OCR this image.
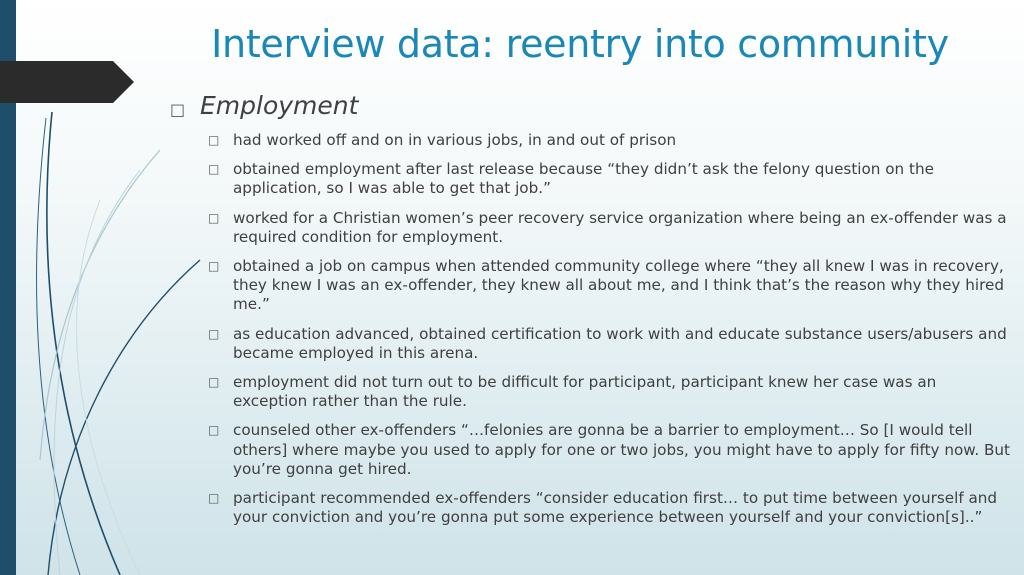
Interview data: reentry into community
□ Employment
□ had worked off and on in various jobs, in and out of prison
□ obtained employment after last release because “they didn’t ask the felony question on the application, so I was able to get that job.”
□ worked for a Christian women’s peer recovery service organization where being an ex-offender was a required condition for employment.
□ obtained a job on campus when attended community college where “they all knew I was in recovery, they knew I was an ex-offender, they knew all about me, and I think that’s the reason why they hired me.”
□ as education advanced, obtained certification to work with and educate substance users/abusers and became employed in this arena.
□ employment did not turn out to be difficult for participant, participant knew her case was an exception rather than the rule.
□ counseled other ex-offenders “…felonies are gonna be a barrier to employment… So [I would tell others] where maybe you used to apply for one or two jobs, you might have to apply for fifty now. But you’re gonna get hired.
□ participant recommended ex-offenders “consider education first… to put time between yourself and your conviction and you’re gonna put some experience between yourself and your conviction[s]..”
